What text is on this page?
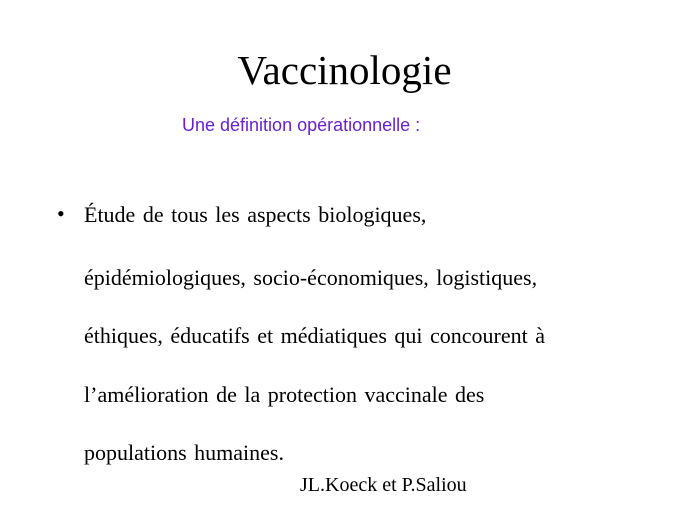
Vaccinologie
Une définition opérationnelle :
• Étude de tous les aspects biologiques,
épidémiologiques, socio-économiques, logistiques,
éthiques, éducatifs et médiatiques qui concourent à
l’amélioration de la protection vaccinale des
populations humaines.
JL.Koeck et P.Saliou
